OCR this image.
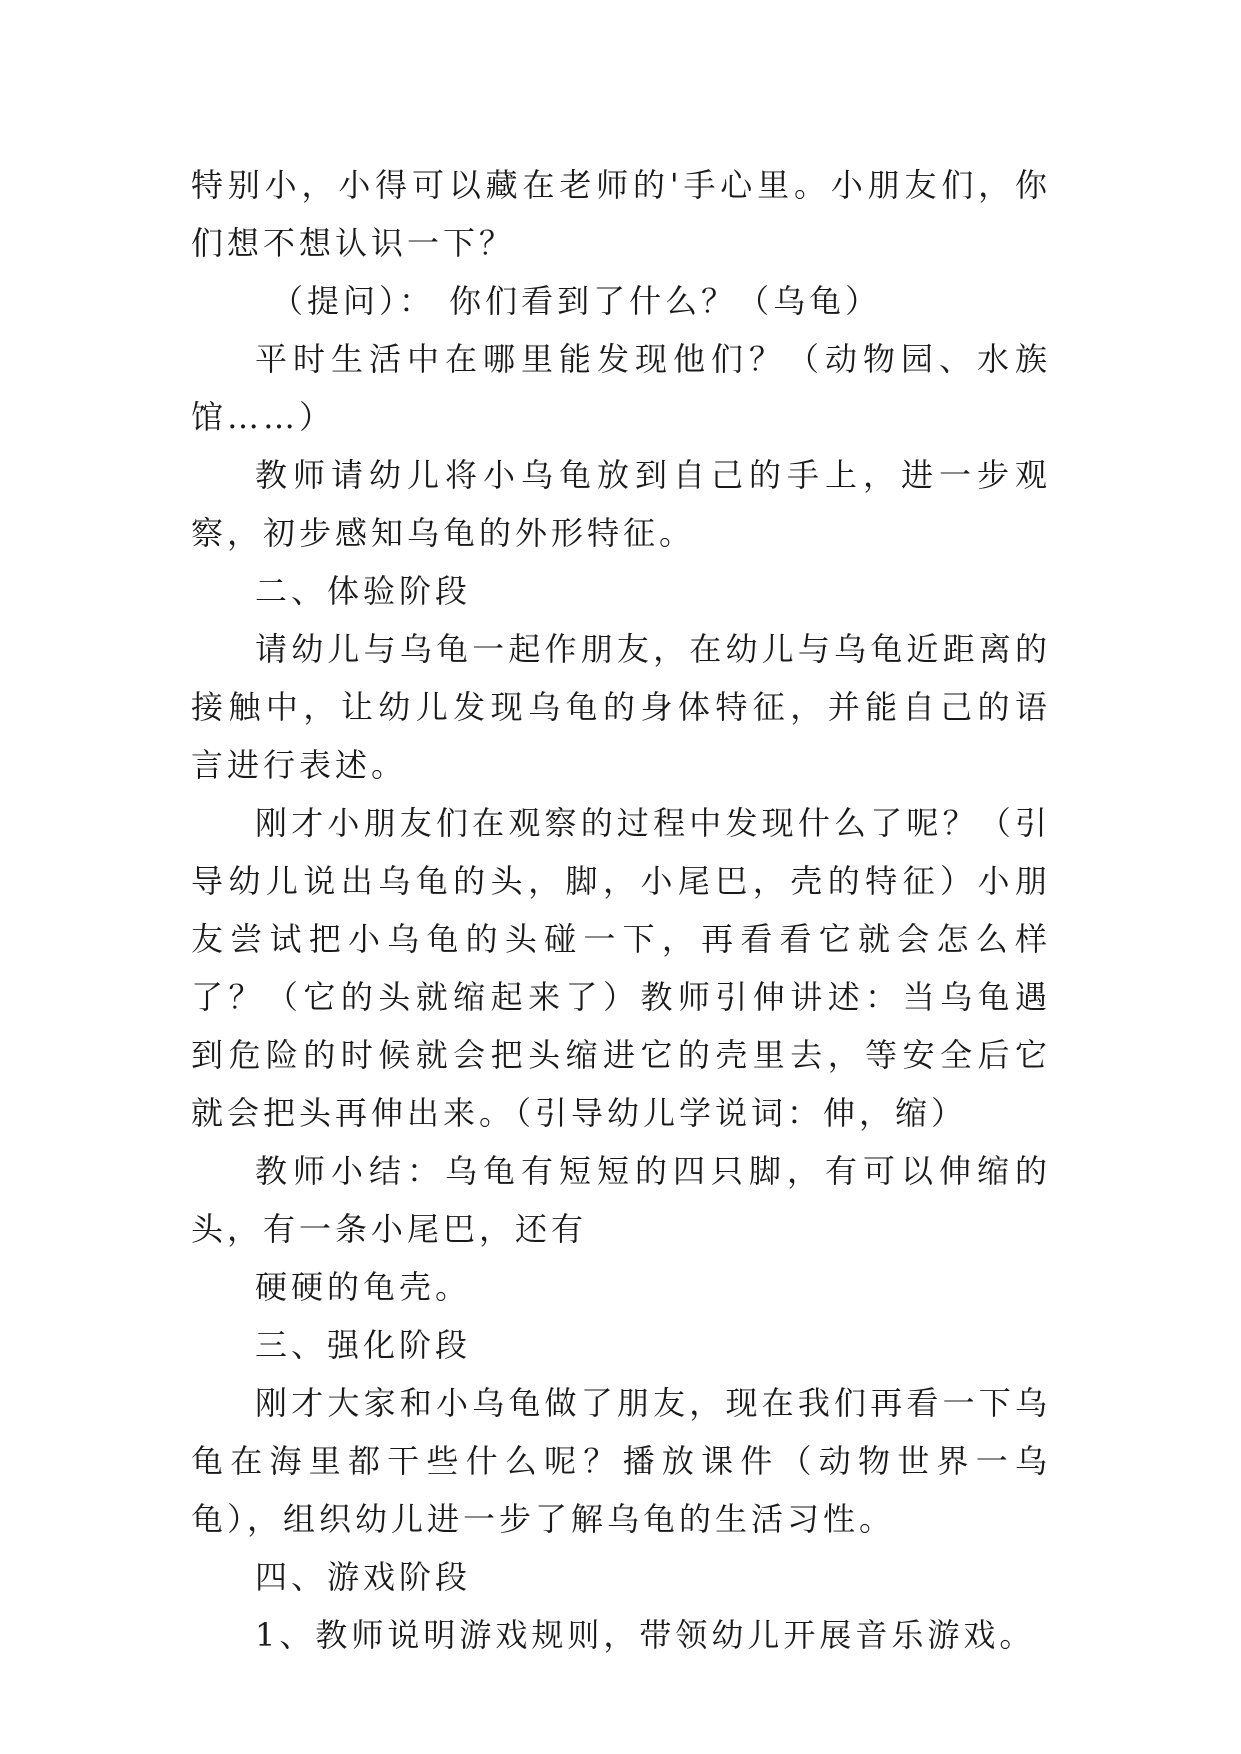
特别小，小得可以藏在老师的'手心里。小朋友们，你们想不想认识一下？

（提问）： 你们看到了什么？（乌龟）

平时生活中在哪里能发现他们？（动物园、水族馆……）

教师请幼儿将小乌龟放到自己的手上，进一步观察，初步感知乌龟的外形特征。

二、体验阶段

请幼儿与乌龟一起作朋友，在幼儿与乌龟近距离的接触中，让幼儿发现乌龟的身体特征，并能自己的语言进行表述。

刚才小朋友们在观察的过程中发现什么了呢？（引导幼儿说出乌龟的头，脚，小尾巴，壳的特征）小朋友尝试把小乌龟的头碰一下，再看看它就会怎么样了？（它的头就缩起来了）教师引伸讲述：当乌龟遇到危险的时候就会把头缩进它的壳里去，等安全后它就会把头再伸出来。（引导幼儿学说词：伸，缩）

教师小结：乌龟有短短的四只脚，有可以伸缩的头，有一条小尾巴，还有

硬硬的龟壳。

三、强化阶段

刚才大家和小乌龟做了朋友，现在我们再看一下乌龟在海里都干些什么呢？播放课件（动物世界一乌龟），组织幼儿进一步了解乌龟的生活习性。

四、游戏阶段

1、教师说明游戏规则，带领幼儿开展音乐游戏。
